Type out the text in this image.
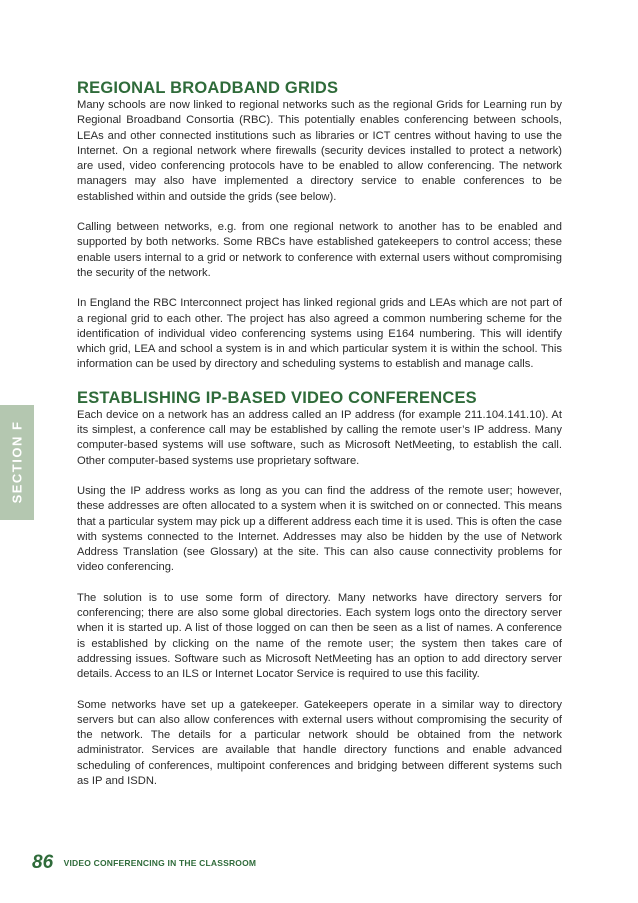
SECTION F
REGIONAL BROADBAND GRIDS

Many schools are now linked to regional networks such as the regional Grids for Learning run by Regional Broadband Consortia (RBC). This potentially enables conferencing between schools, LEAs and other connected institutions such as libraries or ICT centres without having to use the Internet. On a regional network where firewalls (security devices installed to protect a network) are used, video conferencing protocols have to be enabled to allow conferencing. The network managers may also have implemented a directory service to enable conferences to be established within and outside the grids (see below).

Calling between networks, e.g. from one regional network to another has to be enabled and supported by both networks. Some RBCs have established gatekeepers to control access; these enable users internal to a grid or network to conference with external users without compromising the security of the network.

In England the RBC Interconnect project has linked regional grids and LEAs which are not part of a regional grid to each other. The project has also agreed a common numbering scheme for the identification of individual video conferencing systems using E164 numbering. This will identify which grid, LEA and school a system is in and which particular system it is within the school. This information can be used by directory and scheduling systems to establish and manage calls.

ESTABLISHING IP-BASED VIDEO CONFERENCES

Each device on a network has an address called an IP address (for example 211.104.141.10). At its simplest, a conference call may be established by calling the remote user’s IP address. Many computer-based systems will use software, such as Microsoft NetMeeting, to establish the call. Other computer-based systems use proprietary software.

Using the IP address works as long as you can find the address of the remote user; however, these addresses are often allocated to a system when it is switched on or connected. This means that a particular system may pick up a different address each time it is used. This is often the case with systems connected to the Internet. Addresses may also be hidden by the use of Network Address Translation (see Glossary) at the site. This can also cause connectivity problems for video conferencing.

The solution is to use some form of directory. Many networks have directory servers for conferencing; there are also some global directories. Each system logs onto the directory server when it is started up. A list of those logged on can then be seen as a list of names. A conference is established by clicking on the name of the remote user; the system then takes care of addressing issues. Software such as Microsoft NetMeeting has an option to add directory server details. Access to an ILS or Internet Locator Service is required to use this facility.

Some networks have set up a gatekeeper. Gatekeepers operate in a similar way to directory servers but can also allow conferences with external users without compromising the security of the network. The details for a particular network should be obtained from the network administrator. Services are available that handle directory functions and enable advanced scheduling of conferences, multipoint conferences and bridging between different systems such as IP and ISDN.

86 VIDEO CONFERENCING IN THE CLASSROOM
